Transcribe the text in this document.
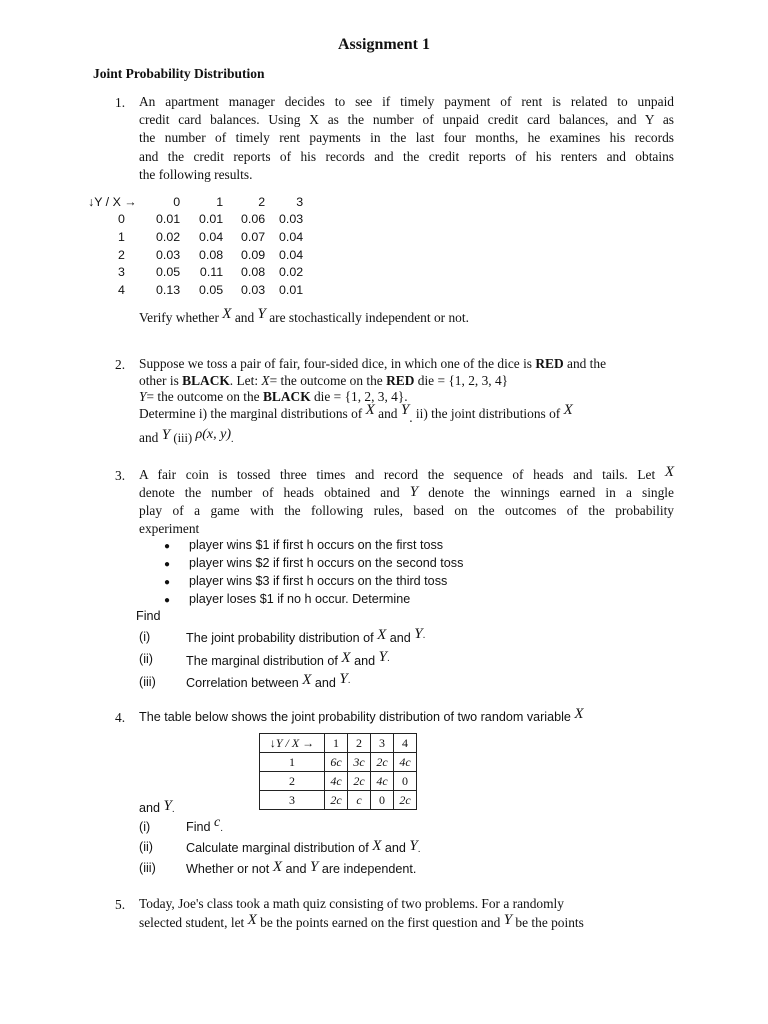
Assignment 1
Joint Probability Distribution
1. An apartment manager decides to see if timely payment of rent is related to unpaid
credit card balances. Using X as the number of unpaid credit card balances, and Y as
the number of timely rent payments in the last four months, he examines his records
and the credit reports of his records and the credit reports of his renters and obtains
the following results.
↓Y / X →	0	1	2	3
0	0.01	0.01	0.06	0.03
1	0.02	0.04	0.07	0.04
2	0.03	0.08	0.09	0.04
3	0.05	0.11	0.08	0.02
4	0.13	0.05	0.03	0.01
Verify whether X and Y are stochastically independent or not.
2. Suppose we toss a pair of fair, four-sided dice, in which one of the dice is RED and the
other is BLACK. Let: X= the outcome on the RED die = {1, 2, 3, 4}
Y= the outcome on the BLACK die = {1, 2, 3, 4}.
Determine i) the marginal distributions of X and Y. ii) the joint distributions of X
and Y (iii) ρ(x, y).
3. A fair coin is tossed three times and record the sequence of heads and tails. Let X
denote the number of heads obtained and Y denote the winnings earned in a single
play of a game with the following rules, based on the outcomes of the probability
experiment
● player wins $1 if first h occurs on the first toss
● player wins $2 if first h occurs on the second toss
● player wins $3 if first h occurs on the third toss
● player loses $1 if no h occur. Determine
Find
(i)	The joint probability distribution of X and Y.
(ii)	The marginal distribution of X and Y.
(iii) Correlation between X and Y.
4. The table below shows the joint probability distribution of two random variable X
↓Y / X →	1	2	3	4
1	6c	3c	2c	4c
2	4c	2c	4c	0
3	2c	c	0	2c
and Y.
(i)	Find c.
(ii)	Calculate marginal distribution of X and Y.
(iii) Whether or not X and Y are independent.
5. Today, Joe's class took a math quiz consisting of two problems. For a randomly
selected student, let X be the points earned on the first question and Y be the points
